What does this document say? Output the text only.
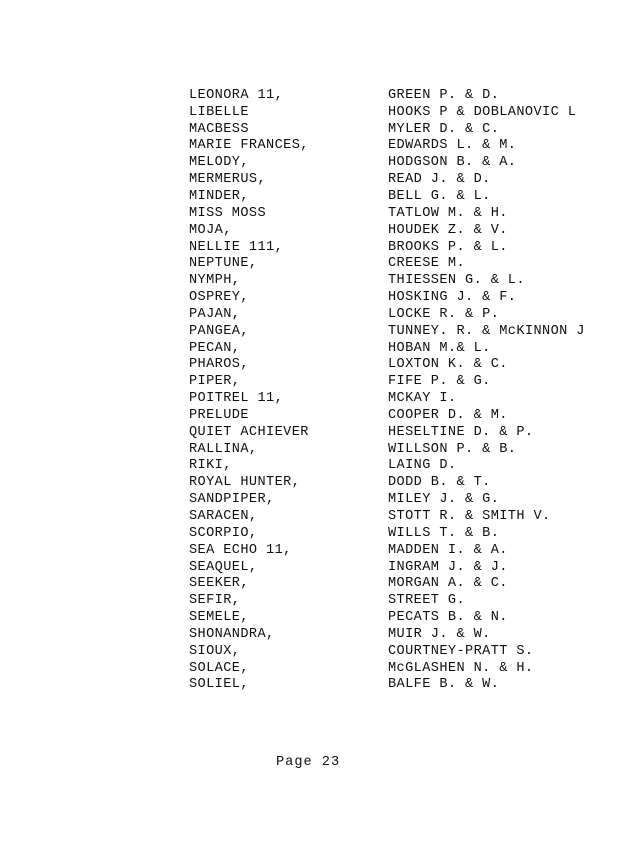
LEONORA 11,	GREEN P. & D.
LIBELLE	HOOKS P & DOBLANOVIC L
MACBESS	MYLER D. & C.
MARIE FRANCES,	EDWARDS L. & M.
MELODY,	HODGSON B. & A.
MERMERUS,	READ J. & D.
MINDER,	BELL G. & L.
MISS MOSS	TATLOW M. & H.
MOJA,	HOUDEK Z. & V.
NELLIE 111,	BROOKS P. & L.
NEPTUNE,	CREESE M.
NYMPH,	THIESSEN G. & L.
OSPREY,	HOSKING J. & F.
PAJAN,	LOCKE R. & P.
PANGEA,	TUNNEY. R. & McKINNON J
PECAN,	HOBAN M.& L.
PHAROS,	LOXTON K. & C.
PIPER,	FIFE P. & G.
POITREL 11,	MCKAY I.
PRELUDE	COOPER D. & M.
QUIET ACHIEVER	HESELTINE D. & P.
RALLINA,	WILLSON P. & B.
RIKI,	LAING D.
ROYAL HUNTER,	DODD B. & T.
SANDPIPER,	MILEY J. & G.
SARACEN,	STOTT R. & SMITH V.
SCORPIO,	WILLS T. & B.
SEA ECHO 11,	MADDEN I. & A.
SEAQUEL,	INGRAM J. & J.
SEEKER,	MORGAN A. & C.
SEFIR,	STREET G.
SEMELE,	PECATS B. & N.
SHONANDRA,	MUIR J. & W.
SIOUX,	COURTNEY-PRATT S.
SOLACE,	McGLASHEN N. & H.
SOLIEL,	BALFE B. & W.
Page 23
